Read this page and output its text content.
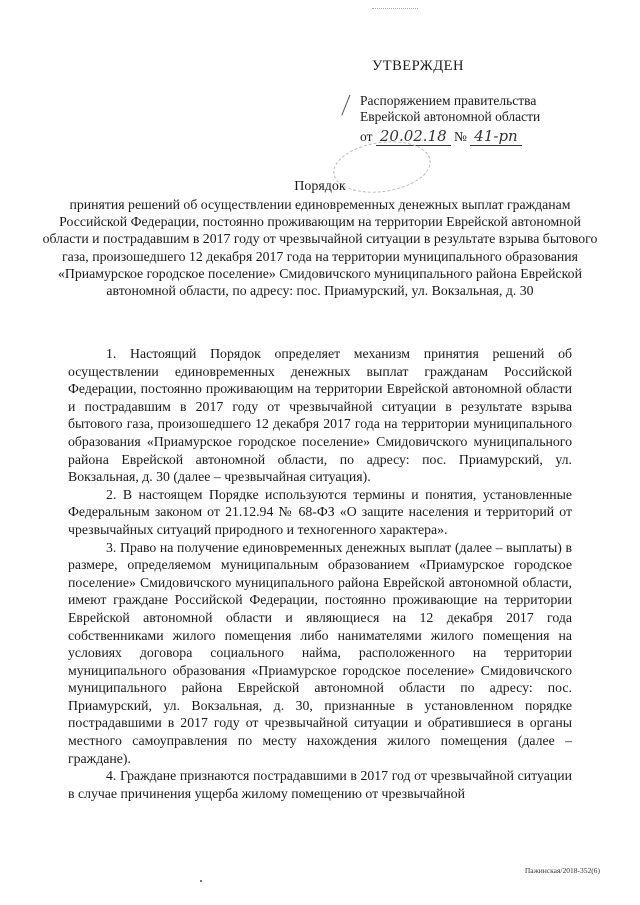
УТВЕРЖДЕН
Распоряжением правительства
Еврейской автономной области
от 20.02.18 № 41-рп
Порядок
принятия решений об осуществлении единовременных денежных выплат гражданам Российской Федерации, постоянно проживающим на территории Еврейской автономной области и пострадавшим в 2017 году от чрезвычайной ситуации в результате взрыва бытового газа, произошедшего 12 декабря 2017 года на территории муниципального образования «Приамурское городское поселение» Смидовичского муниципального района Еврейской автономной области, по адресу: пос. Приамурский, ул. Вокзальная, д. 30

1. Настоящий Порядок определяет механизм принятия решений об осуществлении единовременных денежных выплат гражданам Российской Федерации, постоянно проживающим на территории Еврейской автономной области и пострадавшим в 2017 году от чрезвычайной ситуации в результате взрыва бытового газа, произошедшего 12 декабря 2017 года на территории муниципального образования «Приамурское городское поселение» Смидовичского муниципального района Еврейской автономной области, по адресу: пос. Приамурский, ул. Вокзальная, д. 30 (далее – чрезвычайная ситуация).

2. В настоящем Порядке используются термины и понятия, установленные Федеральным законом от 21.12.94 № 68-ФЗ «О защите населения и территорий от чрезвычайных ситуаций природного и техногенного характера».

3. Право на получение единовременных денежных выплат (далее – выплаты) в размере, определяемом муниципальным образованием «Приамурское городское поселение» Смидовичского муниципального района Еврейской автономной области, имеют граждане Российской Федерации, постоянно проживающие на территории Еврейской автономной области и являющиеся на 12 декабря 2017 года собственниками жилого помещения либо нанимателями жилого помещения на условиях договора социального найма, расположенного на территории муниципального образования «Приамурское городское поселение» Смидовичского муниципального района Еврейской автономной области по адресу: пос. Приамурский, ул. Вокзальная, д. 30, признанные в установленном порядке пострадавшими в 2017 году от чрезвычайной ситуации и обратившиеся в органы местного самоуправления по месту нахождения жилого помещения (далее – граждане).

4. Граждане признаются пострадавшими в 2017 год от чрезвычайной ситуации в случае причинения ущерба жилому помещению от чрезвычайной

Пажинская/2018-352(6)
